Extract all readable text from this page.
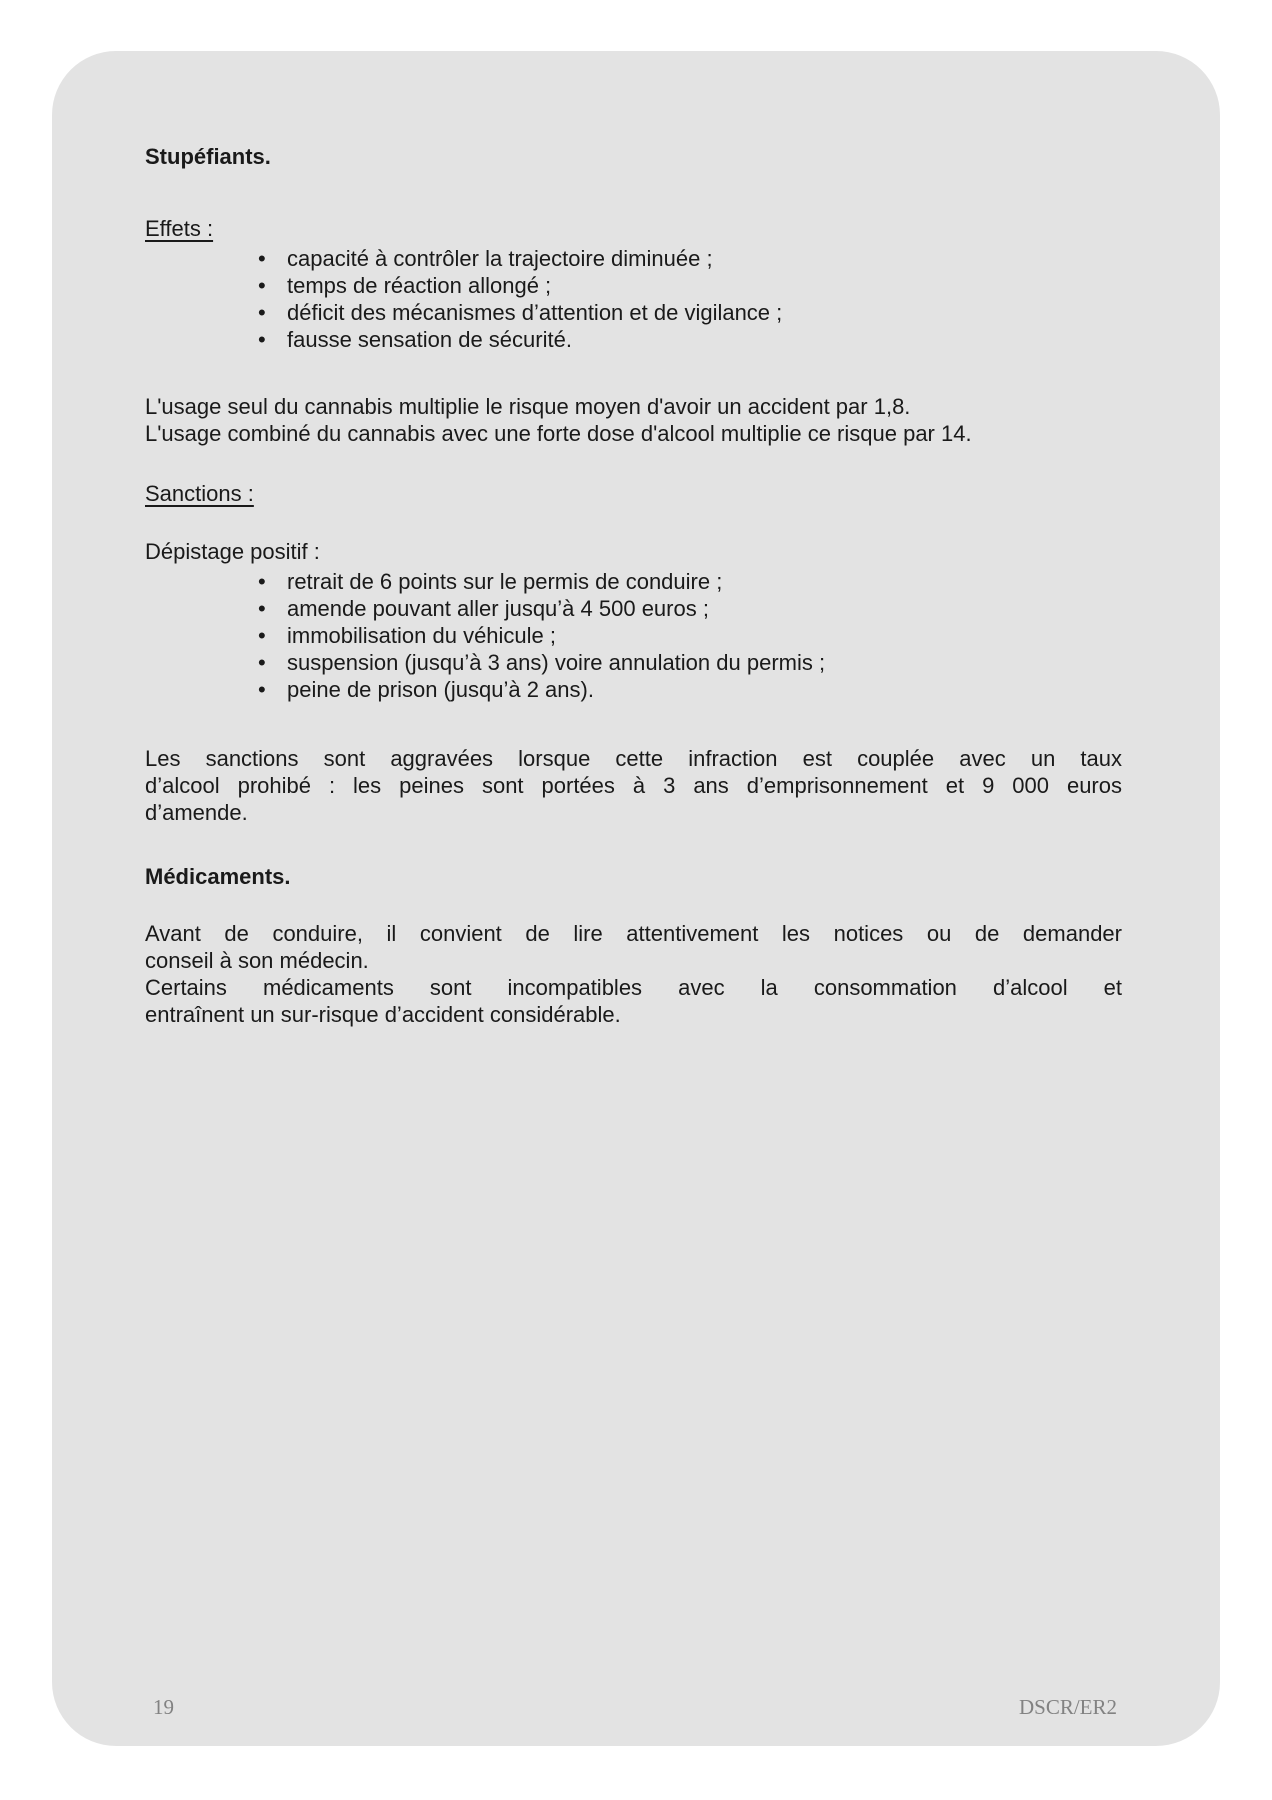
Stupéfiants.

Effets :

• capacité à contrôler la trajectoire diminuée ;
• temps de réaction allongé ;
• déficit des mécanismes d’attention et de vigilance ;
• fausse sensation de sécurité.
L'usage seul du cannabis multiplie le risque moyen d'avoir un accident par 1,8.
L'usage combiné du cannabis avec une forte dose d'alcool multiplie ce risque par 14.

Sanctions :

Dépistage positif :

• retrait de 6 points sur le permis de conduire ;
• amende pouvant aller jusqu’à 4 500 euros ;
• immobilisation du véhicule ;
• suspension (jusqu’à 3 ans) voire annulation du permis ;
• peine de prison (jusqu’à 2 ans).
Les sanctions sont aggravées lorsque cette infraction est couplée avec un taux
d’alcool prohibé : les peines sont portées à 3 ans d’emprisonnement et 9 000 euros
d’amende.
Médicaments.
Avant de conduire, il convient de lire attentivement les notices ou de demander
conseil à son médecin.
Certains médicaments sont incompatibles avec la consommation d’alcool et
entraînent un sur-risque d’accident considérable.
19	DSCR/ER2
